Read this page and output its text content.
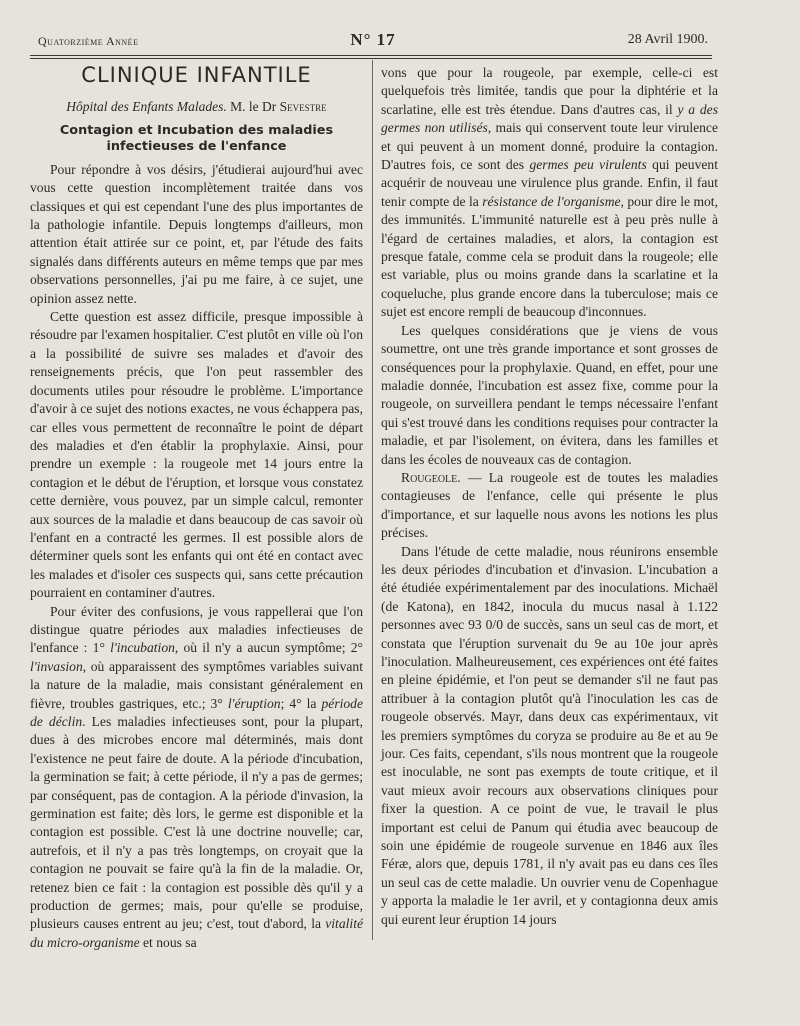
Quatorzième Année	N° 17	28 Avril 1900.
CLINIQUE INFANTILE
Hôpital des Enfants Malades. M. le Dr Sevestre
Contagion et Incubation des maladies infectieuses de l'enfance

Pour répondre à vos désirs, j'étudierai aujourd'hui avec vous cette question incomplètement traitée dans vos classiques et qui est cependant l'une des plus importantes de la pathologie infantile. Depuis longtemps d'ailleurs, mon attention était attirée sur ce point, et, par l'étude des faits signalés dans différents auteurs en même temps que par mes observations personnelles, j'ai pu me faire, à ce sujet, une opinion assez nette.

Cette question est assez difficile, presque impossible à résoudre par l'examen hospitalier. C'est plutôt en ville où l'on a la possibilité de suivre ses malades et d'avoir des renseignements précis, que l'on peut rassembler des documents utiles pour résoudre le problème. L'importance d'avoir à ce sujet des notions exactes, ne vous échappera pas, car elles vous permettent de reconnaître le point de départ des maladies et d'en établir la prophylaxie. Ainsi, pour prendre un exemple : la rougeole met 14 jours entre la contagion et le début de l'éruption, et lorsque vous constatez cette dernière, vous pouvez, par un simple calcul, remonter aux sources de la maladie et dans beaucoup de cas savoir où l'enfant en a contracté les germes. Il est possible alors de déterminer quels sont les enfants qui ont été en contact avec les malades et d'isoler ces suspects qui, sans cette précaution pourraient en contaminer d'autres.

Pour éviter des confusions, je vous rappellerai que l'on distingue quatre périodes aux maladies infectieuses de l'enfance : 1° l'incubation, où il n'y a aucun symptôme; 2° l'invasion, où apparaissent des symptômes variables suivant la nature de la maladie, mais consistant généralement en fièvre, troubles gastriques, etc.; 3° l'éruption; 4° la période de déclin. Les maladies infectieuses sont, pour la plupart, dues à des microbes encore mal déterminés, mais dont l'existence ne peut faire de doute. A la période d'incubation, la germination se fait; à cette période, il n'y a pas de germes; par conséquent, pas de contagion. A la période d'invasion, la germination est faite; dès lors, le germe est disponible et la contagion est possible. C'est là une doctrine nouvelle; car, autrefois, et il n'y a pas très longtemps, on croyait que la contagion ne pouvait se faire qu'à la fin de la maladie. Or, retenez bien ce fait : la contagion est possible dès qu'il y a production de germes; mais, pour qu'elle se produise, plusieurs causes entrent au jeu; c'est, tout d'abord, la vitalité du micro-organisme et nous sa

vons que pour la rougeole, par exemple, celle-ci est quelquefois très limitée, tandis que pour la diphtérie et la scarlatine, elle est très étendue. Dans d'autres cas, il y a des germes non utilisés, mais qui conservent toute leur virulence et qui peuvent à un moment donné, produire la contagion. D'autres fois, ce sont des germes peu virulents qui peuvent acquérir de nouveau une virulence plus grande. Enfin, il faut tenir compte de la résistance de l'organisme, pour dire le mot, des immunités. L'immunité naturelle est à peu près nulle à l'égard de certaines maladies, et alors, la contagion est presque fatale, comme cela se produit dans la rougeole; elle est variable, plus ou moins grande dans la scarlatine et la coqueluche, plus grande encore dans la tuberculose; mais ce sujet est encore rempli de beaucoup d'inconnues.

Les quelques considérations que je viens de vous soumettre, ont une très grande importance et sont grosses de conséquences pour la prophylaxie. Quand, en effet, pour une maladie donnée, l'incubation est assez fixe, comme pour la rougeole, on surveillera pendant le temps nécessaire l'enfant qui s'est trouvé dans les conditions requises pour contracter la maladie, et par l'isolement, on évitera, dans les familles et dans les écoles de nouveaux cas de contagion.

Rougeole. — La rougeole est de toutes les maladies contagieuses de l'enfance, celle qui présente le plus d'importance, et sur laquelle nous avons les notions les plus précises.

Dans l'étude de cette maladie, nous réunirons ensemble les deux périodes d'incubation et d'invasion. L'incubation a été étudiée expérimentalement par des inoculations. Michaël (de Katona), en 1842, inocula du mucus nasal à 1.122 personnes avec 93 0/0 de succès, sans un seul cas de mort, et constata que l'éruption survenait du 9e au 10e jour après l'inoculation. Malheureusement, ces expériences ont été faites en pleine épidémie, et l'on peut se demander s'il ne faut pas attribuer à la contagion plutôt qu'à l'inoculation les cas de rougeole observés. Mayr, dans deux cas expérimentaux, vit les premiers symptômes du coryza se produire au 8e et au 9e jour. Ces faits, cependant, s'ils nous montrent que la rougeole est inoculable, ne sont pas exempts de toute critique, et il vaut mieux avoir recours aux observations cliniques pour fixer la question. A ce point de vue, le travail le plus important est celui de Panum qui étudia avec beaucoup de soin une épidémie de rougeole survenue en 1846 aux îles Féræ, alors que, depuis 1781, il n'y avait pas eu dans ces îles un seul cas de cette maladie. Un ouvrier venu de Copenhague y apporta la maladie le 1er avril, et y contagionna deux amis qui eurent leur éruption 14 jours
